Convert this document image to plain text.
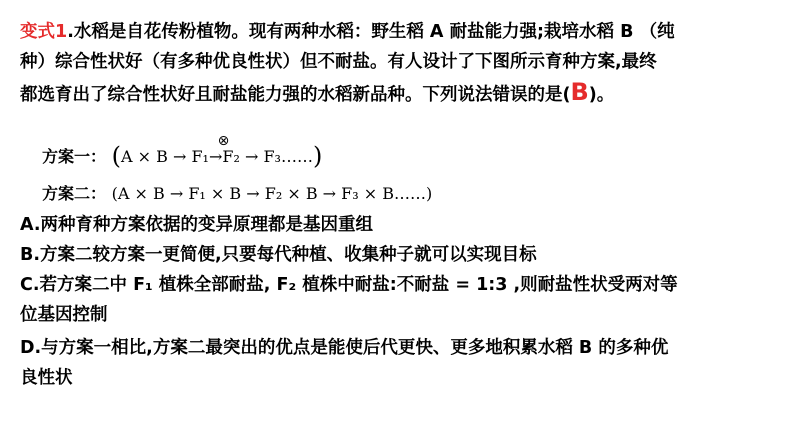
变式1.水稻是自花传粉植物。现有两种水稻：野生稻 A 耐盐能力强;栽培水稻 B （纯
种）综合性状好（有多种优良性状）但不耐盐。有人设计了下图所示育种方案,最终
都选育出了综合性状好且耐盐能力强的水稻新品种。下列说法错误的是(B)。
方案一：
⊗
(A × B → F₁→F₂ → F₃……)
方案二： (A × B → F₁ × B → F₂ × B → F₃ × B……)
A.两种育种方案依据的变异原理都是基因重组
B.方案二较方案一更简便,只要每代种植、收集种子就可以实现目标
C.若方案二中 F₁ 植株全部耐盐, F₂ 植株中耐盐:不耐盐 = 1:3 ,则耐盐性状受两对等
位基因控制
D.与方案一相比,方案二最突出的优点是能使后代更快、更多地积累水稻 B 的多种优
良性状
